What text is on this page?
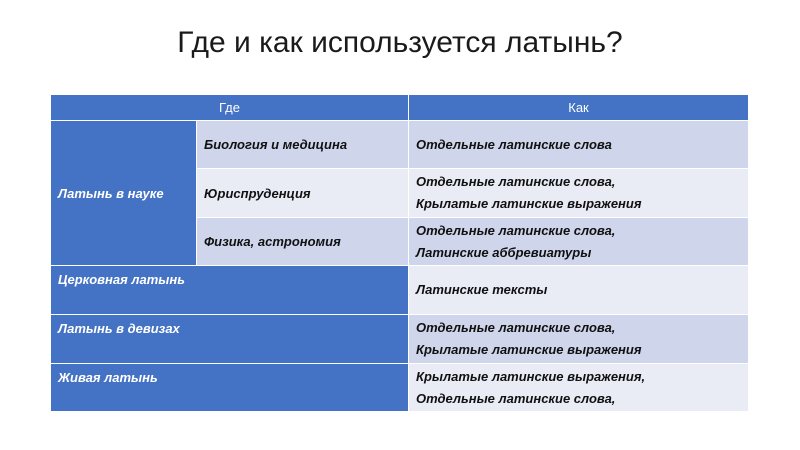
Где и как используется латынь?
Где		Как
Латынь в науке	Биология и медицина	Отдельные латинские слова

	Юриспруденция	Отдельные латинские слова,
Крылатые латинские выражения

	Физика, астрономия	Отдельные латинские слова,
Латинские аббревиатуры

Церковная латынь		Латинские тексты

Латынь в девизах		Отдельные латинские слова,
Крылатые латинские выражения

Живая латынь		Крылатые латинские выражения,
Отдельные латинские слова,
